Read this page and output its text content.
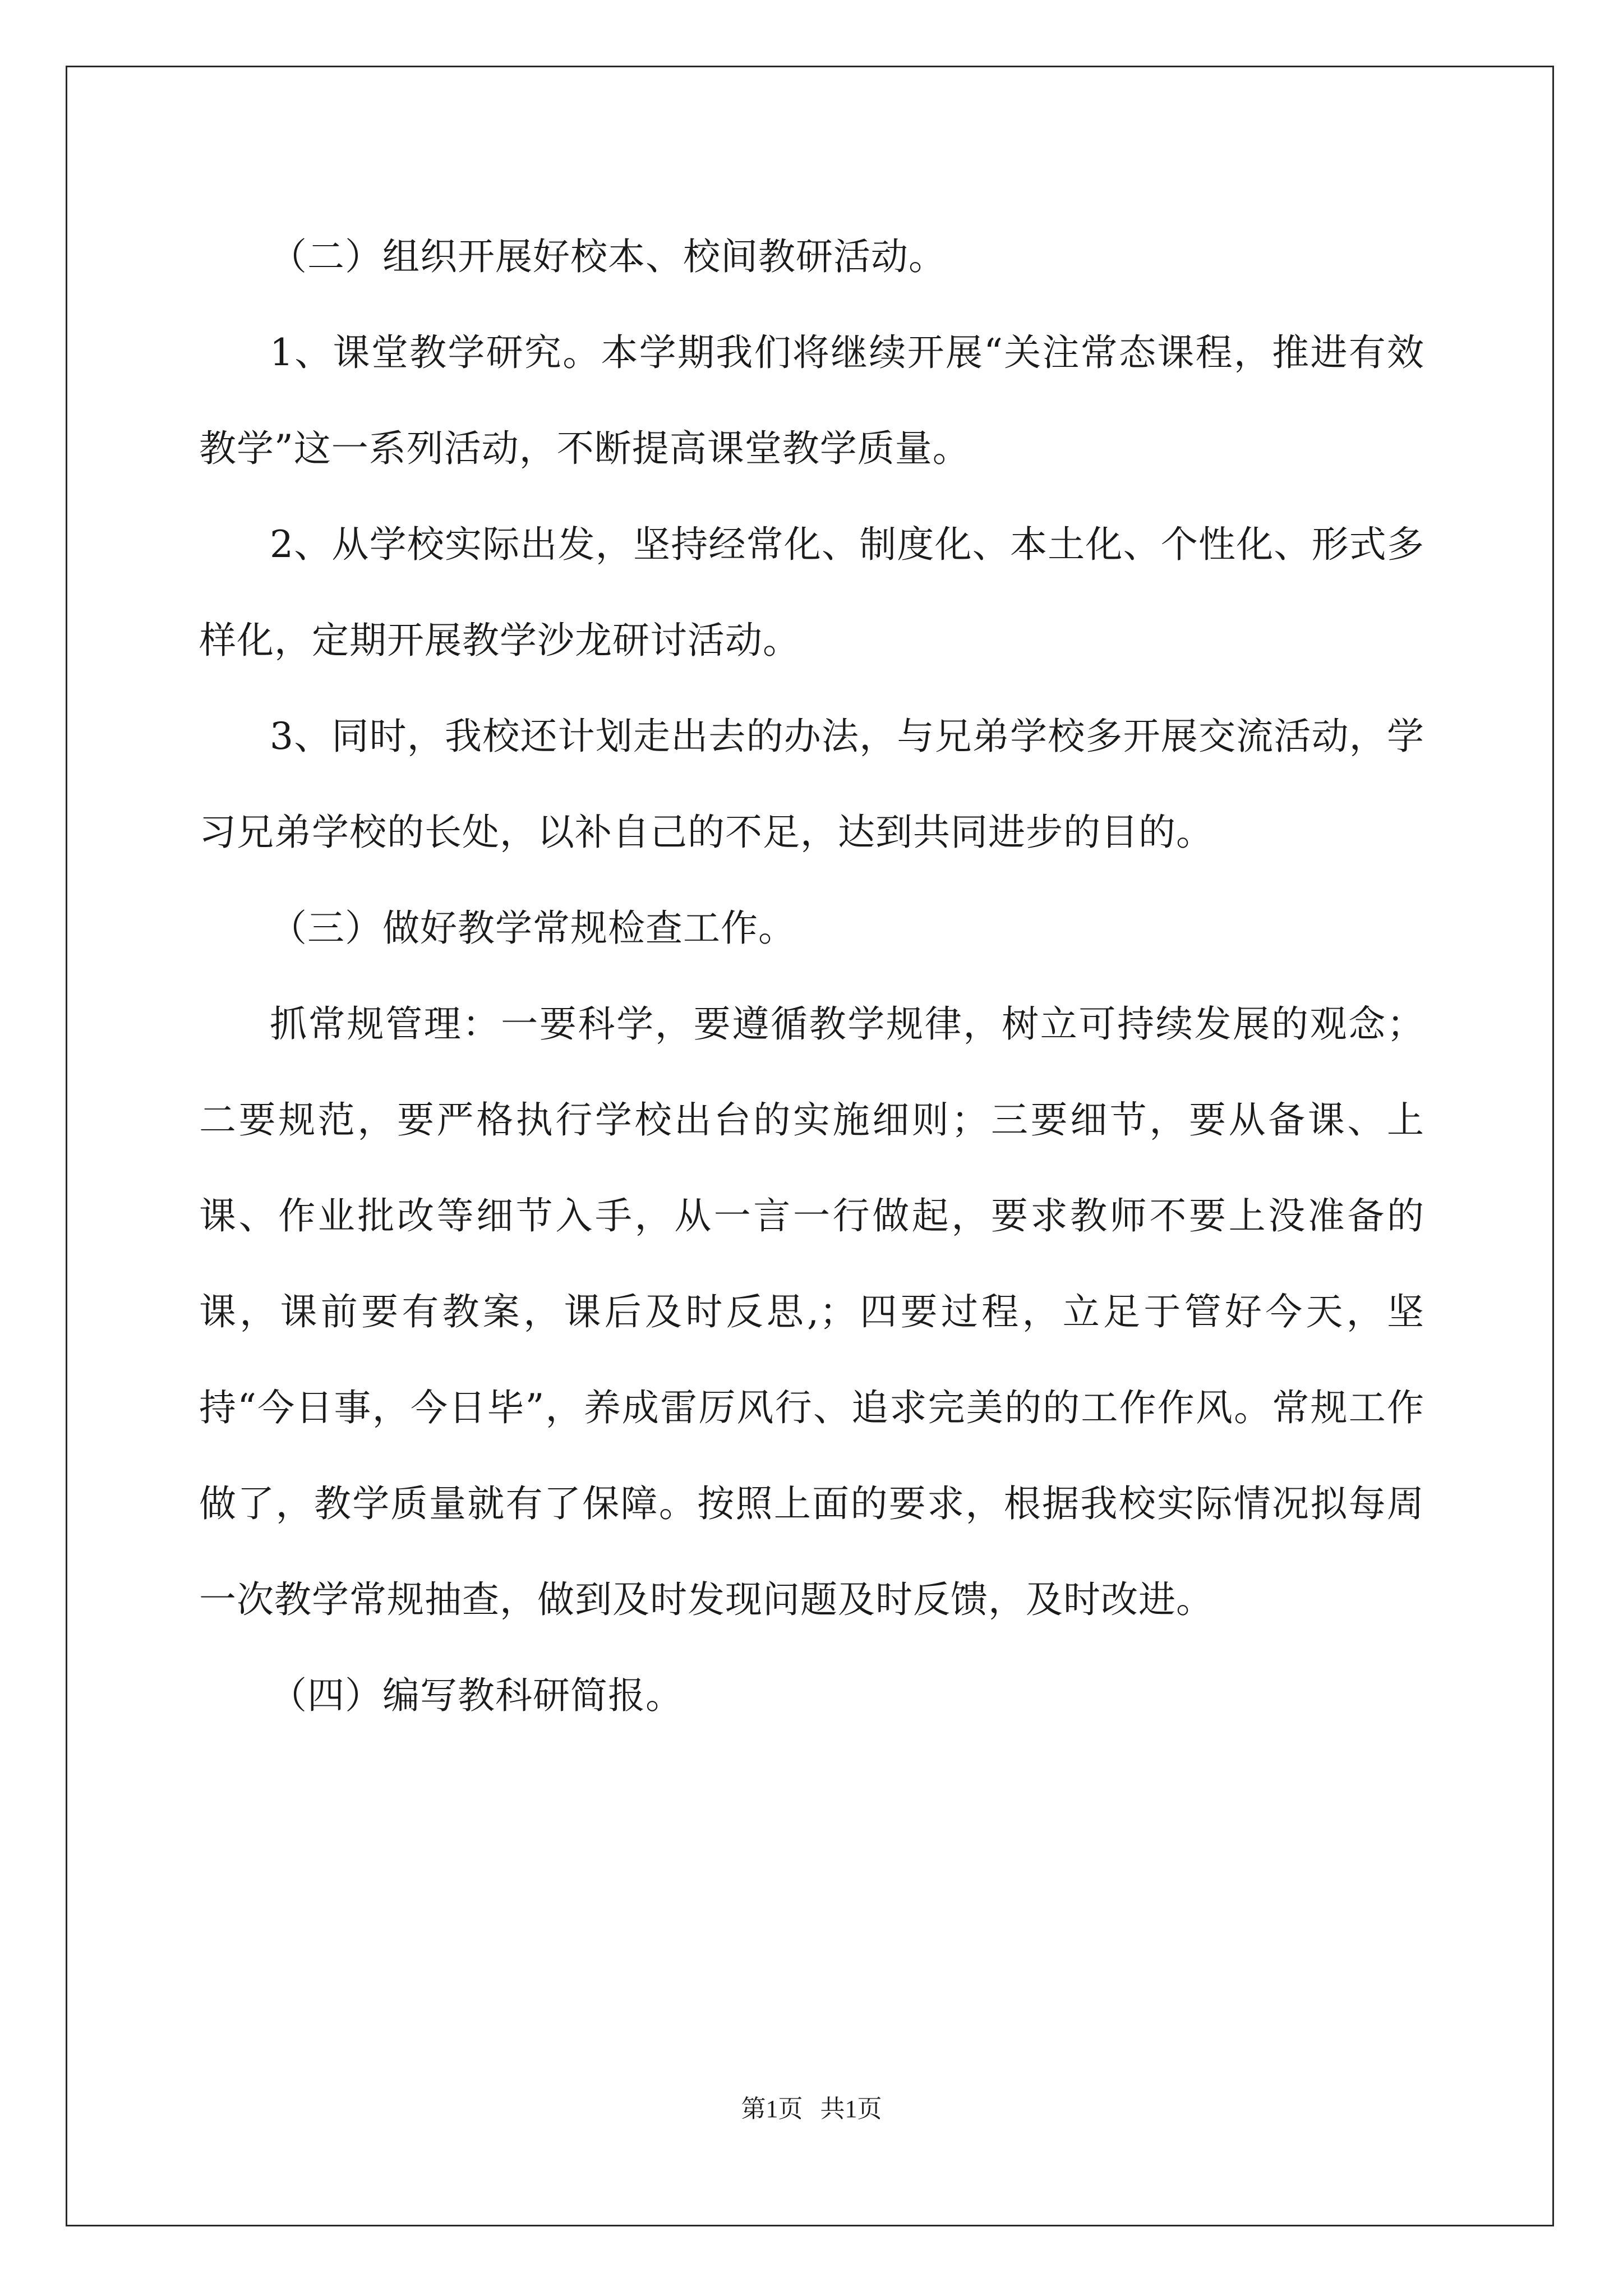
（二）组织开展好校本、校间教研活动。

1、课堂教学研究。本学期我们将继续开展“关注常态课程，推进有效教学”这一系列活动，不断提高课堂教学质量。

2、从学校实际出发，坚持经常化、制度化、本土化、个性化、形式多样化，定期开展教学沙龙研讨活动。

3、同时，我校还计划走出去的办法，与兄弟学校多开展交流活动，学习兄弟学校的长处，以补自己的不足，达到共同进步的目的。

（三）做好教学常规检查工作。

抓常规管理：一要科学，要遵循教学规律，树立可持续发展的观念；二要规范，要严格执行学校出台的实施细则；三要细节，要从备课、上课、作业批改等细节入手，从一言一行做起，要求教师不要上没准备的课，课前要有教案，课后及时反思,；四要过程，立足于管好今天，坚持“今日事，今日毕”，养成雷厉风行、追求完美的的工作作风。常规工作做了，教学质量就有了保障。按照上面的要求，根据我校实际情况拟每周一次教学常规抽查，做到及时发现问题及时反馈，及时改进。

（四）编写教科研简报。

第1页 共1页
